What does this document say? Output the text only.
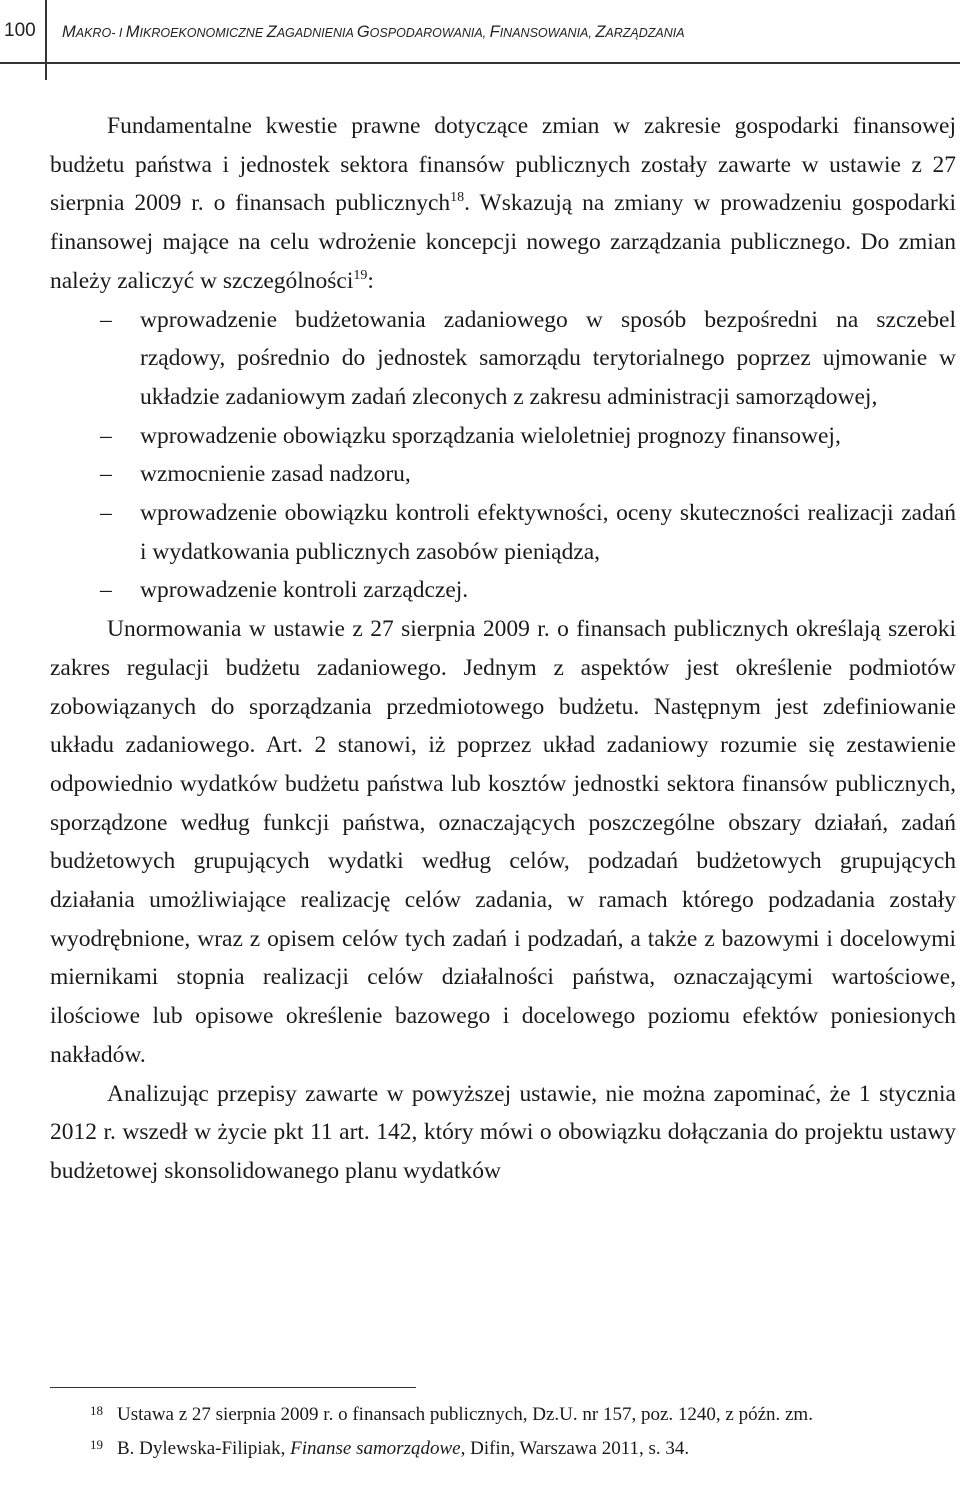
100 MAKRO- I MIKROEKONOMICZNE ZAGADNIENIA GOSPODAROWANIA, FINANSOWANIA, ZARZĄDZANIA

Fundamentalne kwestie prawne dotyczące zmian w zakresie gospodarki finansowej budżetu państwa i jednostek sektora finansów publicznych zostały zawarte w ustawie z 27 sierpnia 2009 r. o finansach publicznych$^{18}$. Wskazują na zmiany w prowadzeniu gospodarki finansowej mające na celu wdrożenie koncepcji nowego zarządzania publicznego. Do zmian należy zaliczyć w szczególności$^{19}$:

– wprowadzenie budżetowania zadaniowego w sposób bezpośredni na szczebel rządowy, pośrednio do jednostek samorządu terytorialnego poprzez ujmowanie w układzie zadaniowym zadań zleconych z zakresu administracji samorządowej,
– wprowadzenie obowiązku sporządzania wieloletniej prognozy finansowej,
– wzmocnienie zasad nadzoru,
– wprowadzenie obowiązku kontroli efektywności, oceny skuteczności realizacji zadań i wydatkowania publicznych zasobów pieniądza,
– wprowadzenie kontroli zarządczej.

Unormowania w ustawie z 27 sierpnia 2009 r. o finansach publicznych określają szeroki zakres regulacji budżetu zadaniowego. Jednym z aspektów jest określenie podmiotów zobowiązanych do sporządzania przedmiotowego budżetu. Następnym jest zdefiniowanie układu zadaniowego. Art. 2 stanowi, iż poprzez układ zadaniowy rozumie się zestawienie odpowiednio wydatków budżetu państwa lub kosztów jednostki sektora finansów publicznych, sporządzone według funkcji państwa, oznaczających poszczególne obszary działań, zadań budżetowych grupujących wydatki według celów, podzadań budżetowych grupujących działania umożliwiające realizację celów zadania, w ramach którego podzadania zostały wyodrębnione, wraz z opisem celów tych zadań i podzadań, a także z bazowymi i docelowymi miernikami stopnia realizacji celów działalności państwa, oznaczającymi wartościowe, ilościowe lub opisowe określenie bazowego i docelowego poziomu efektów poniesionych nakładów.

Analizując przepisy zawarte w powyższej ustawie, nie można zapominać, że 1 stycznia 2012 r. wszedł w życie pkt 11 art. 142, który mówi o obowiązku dołączania do projektu ustawy budżetowej skonsolidowanego planu wydatków

$^{18}$ Ustawa z 27 sierpnia 2009 r. o finansach publicznych, Dz.U. nr 157, poz. 1240, z późn. zm.

$^{19}$ B. Dylewska-Filipiak, Finanse samorządowe, Difin, Warszawa 2011, s. 34.
